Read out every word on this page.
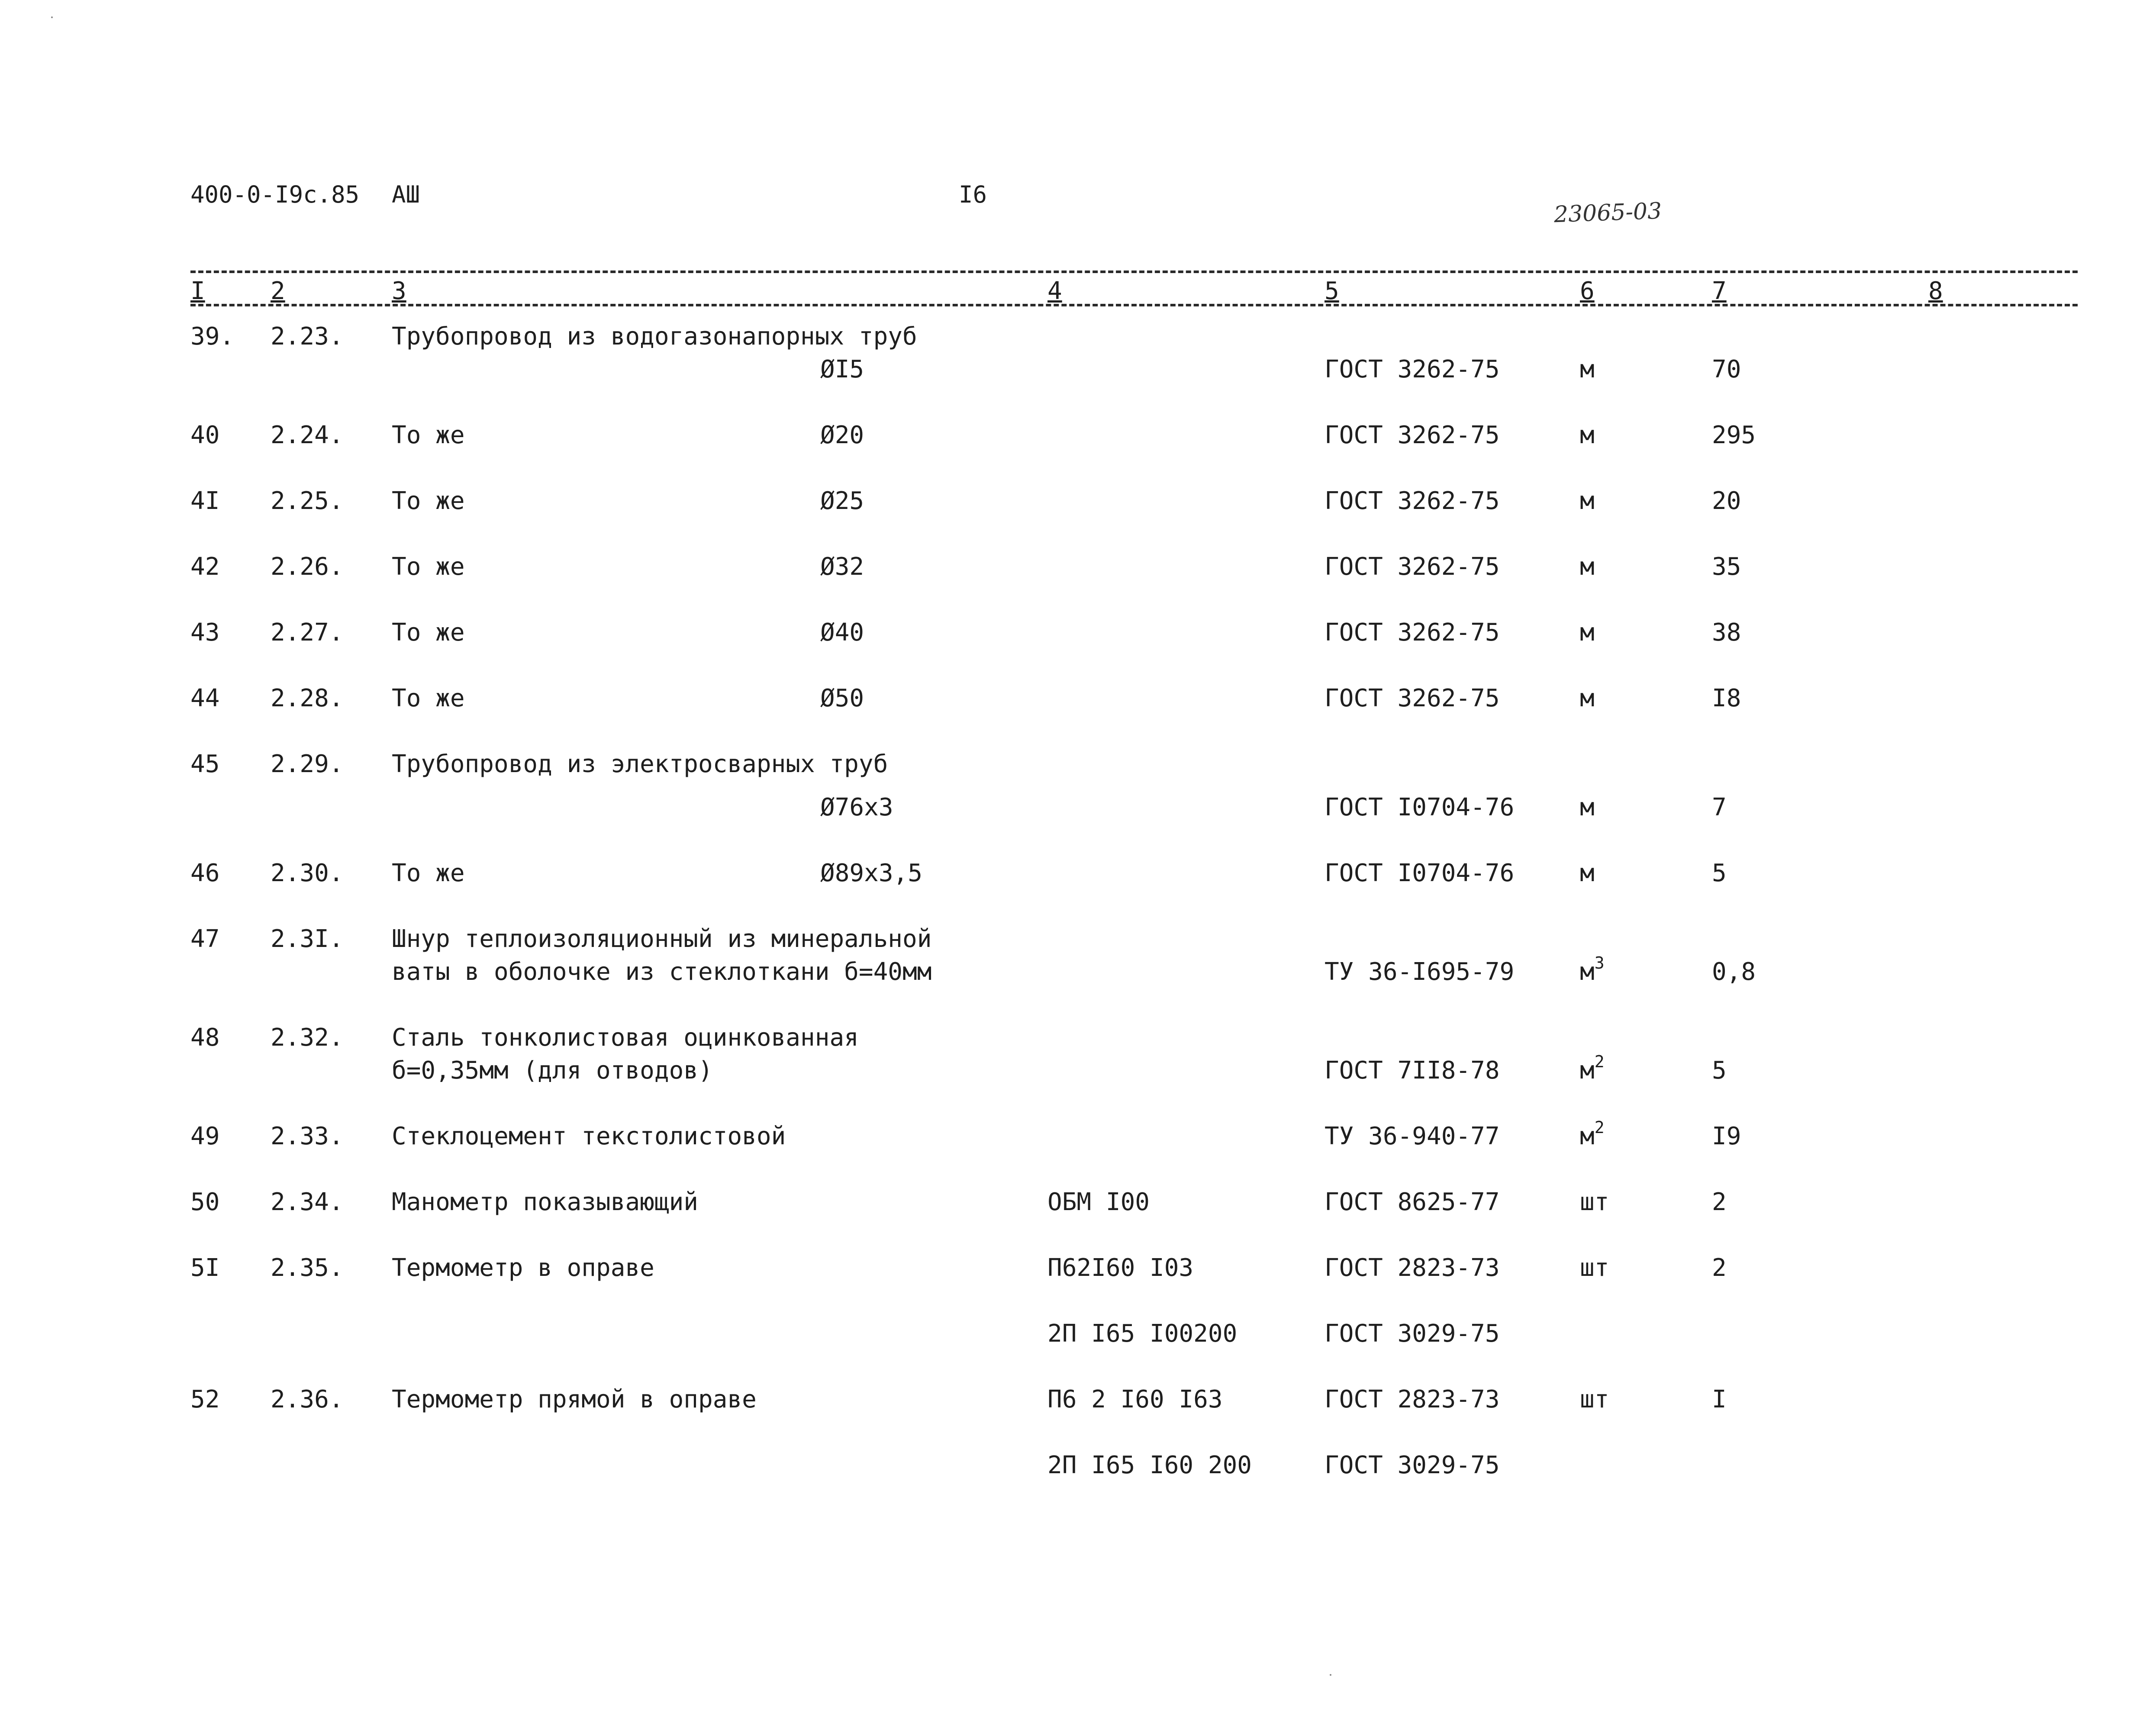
400-0-I9c.85 АШ	I6
23065-03
I	2	3	4	5	6	7	8
39. 2.23. Трубопровод из водогазонапорных труб
ØI5	ГОСТ 3262-75	м	70
40 2.24. То же	Ø20	ГОСТ 3262-75	м	295
4I 2.25. То же	Ø25	ГОСТ 3262-75	м	20
42 2.26. То же	Ø32	ГОСТ 3262-75	м	35
43 2.27. То же	Ø40	ГОСТ 3262-75	м	38
44 2.28. То же	Ø50	ГОСТ 3262-75	м	I8
45 2.29. Трубопровод из электросварных труб
Ø76x3	ГОСТ I0704-76	м	7
46 2.30. То же	Ø89x3,5	ГОСТ I0704-76	м	5
47 2.3I. Шнур теплоизоляционный из минеральной
ваты в оболочке из стеклоткани б=40мм	ТУ 36-I695-79	$м^3$	0,8
48 2.32. Сталь тонколистовая оцинкованная
б=0,35мм (для отводов)	ГОСТ 7II8-78	$м^2$	5
49 2.33. Стеклоцемент текстолистовой	ТУ 36-940-77	$м^2$	I9
50 2.34. Манометр показывающий	ОБМ I00	ГОСТ 8625-77	шт	2
5I 2.35. Термометр в оправе	П62I60 I03	ГОСТ 2823-73	шт	2
2П I65 I00200	ГОСТ 3029-75
52 2.36. Термометр прямой в оправе	П6 2 I60 I63	ГОСТ 2823-73	шт	I
2П I65 I60 200	ГОСТ 3029-75
